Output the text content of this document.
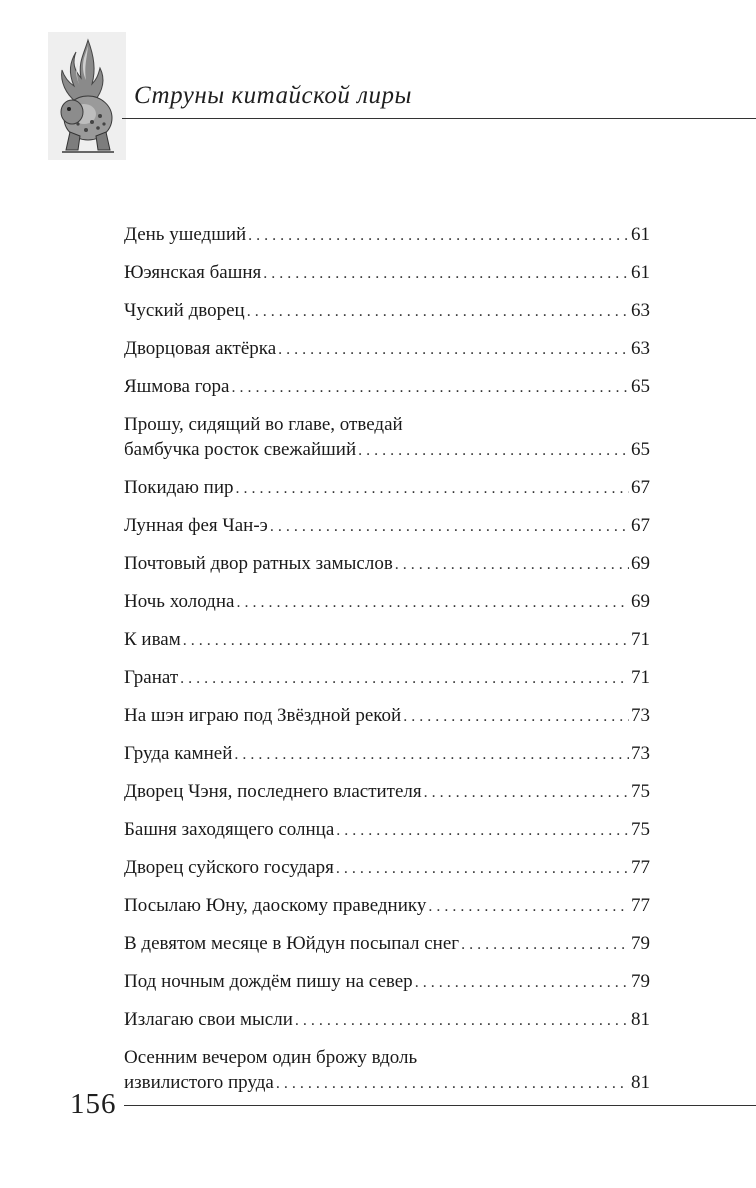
Струны китайской лиры
День ушедший . . .	61
Юэянская башня . . .	61
Чуский дворец . . .	63
Дворцовая актёрка . . .	63
Яшмова гора . . .	65
Прошу, сидящий во главе, отведай
бамбучка росток свежайший . . .	65
Покидаю пир . . .	67
Лунная фея Чан-э . . .	67
Почтовый двор ратных замыслов . . .	69
Ночь холодна . . .	69
К ивам . . .	71
Гранат . . .	71
На шэн играю под Звёздной рекой . . .	73
Груда камней . . .	73
Дворец Чэня, последнего властителя . . .	75
Башня заходящего солнца . . .	75
Дворец суйского государя . . .	77
Посылаю Юну, даоскому праведнику . . .	77
В девятом месяце в Юйдун посыпал снег . . .	79
Под ночным дождём пишу на север . . .	79
Излагаю свои мысли . . .	81
Осенним вечером один брожу вдоль
извилистого пруда . . .	81
156
